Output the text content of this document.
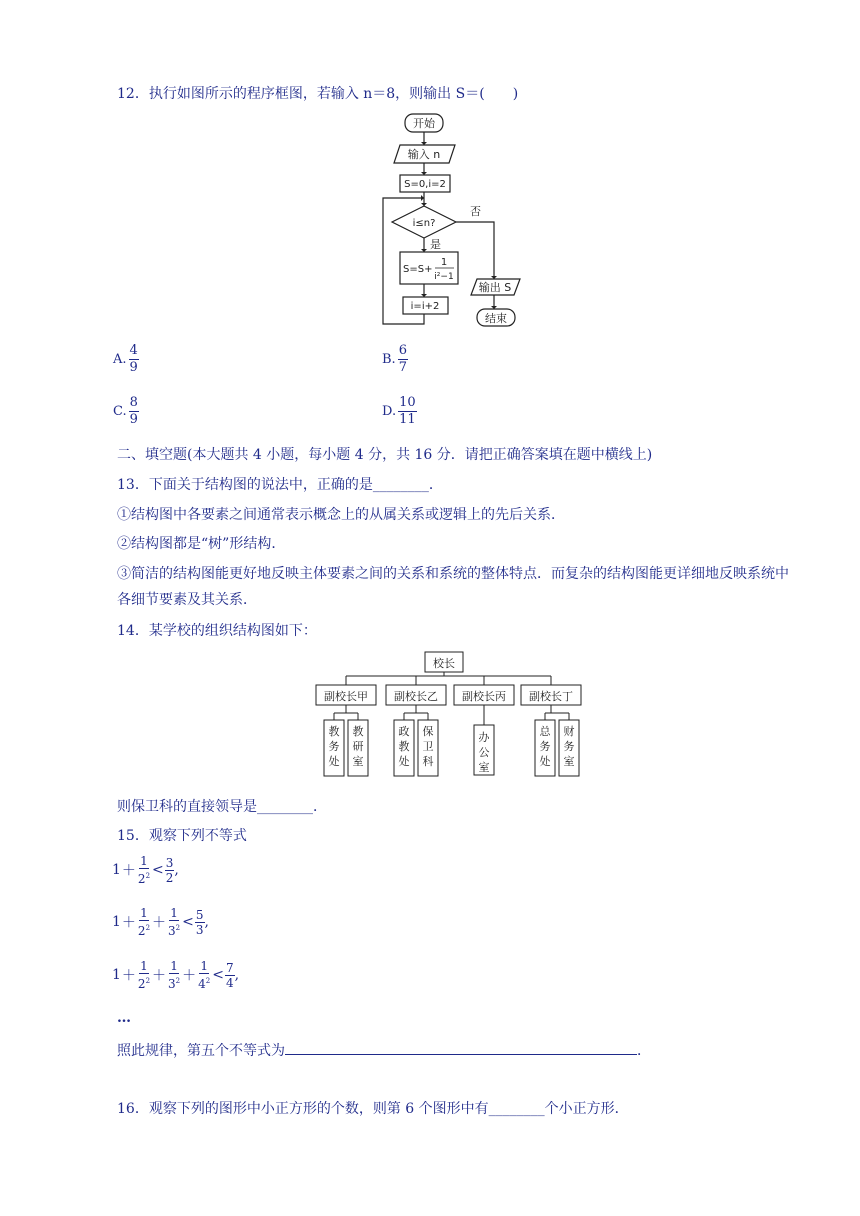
12．执行如图所示的程序框图，若输入 n＝8，则输出 S＝(　　)
开始
输入 n
S=0,i=2
i≤n?
否
是
S=S+
1
i²−1
i=i+2
输出 S
结束
A. $\frac{4}{9}$	B. $\frac{6}{7}$
C. $\frac{8}{9}$	D. $\frac{10}{11}$
二、填空题(本大题共 4 小题，每小题 4 分，共 16 分．请把正确答案填在题中横线上)
13．下面关于结构图的说法中，正确的是________．
①结构图中各要素之间通常表示概念上的从属关系或逻辑上的先后关系．
②结构图都是“树”形结构．
③简洁的结构图能更好地反映主体要素之间的关系和系统的整体特点．而复杂的结构图能更详细地反映系统中各细节要素及其关系．
14．某学校的组织结构图如下：
校长
副校长甲 副校长乙 副校长丙 副校长丁
教务处
教研室
政教处
保卫科
办公室
总务处
财务室
则保卫科的直接领导是________．
15．观察下列不等式
1 ＋
1
$2^2 < 3$
2 ,
1 ＋
1
$2^2$ ＋
1
$3^2 < 5$
3 ,
1 ＋
1
$2^2$ ＋
1
$3^2$ ＋
1
$4^2 < 7$
4 ,
…
照此规律，第五个不等式为	．
16．观察下列的图形中小正方形的个数，则第 6 个图形中有________个小正方形．
